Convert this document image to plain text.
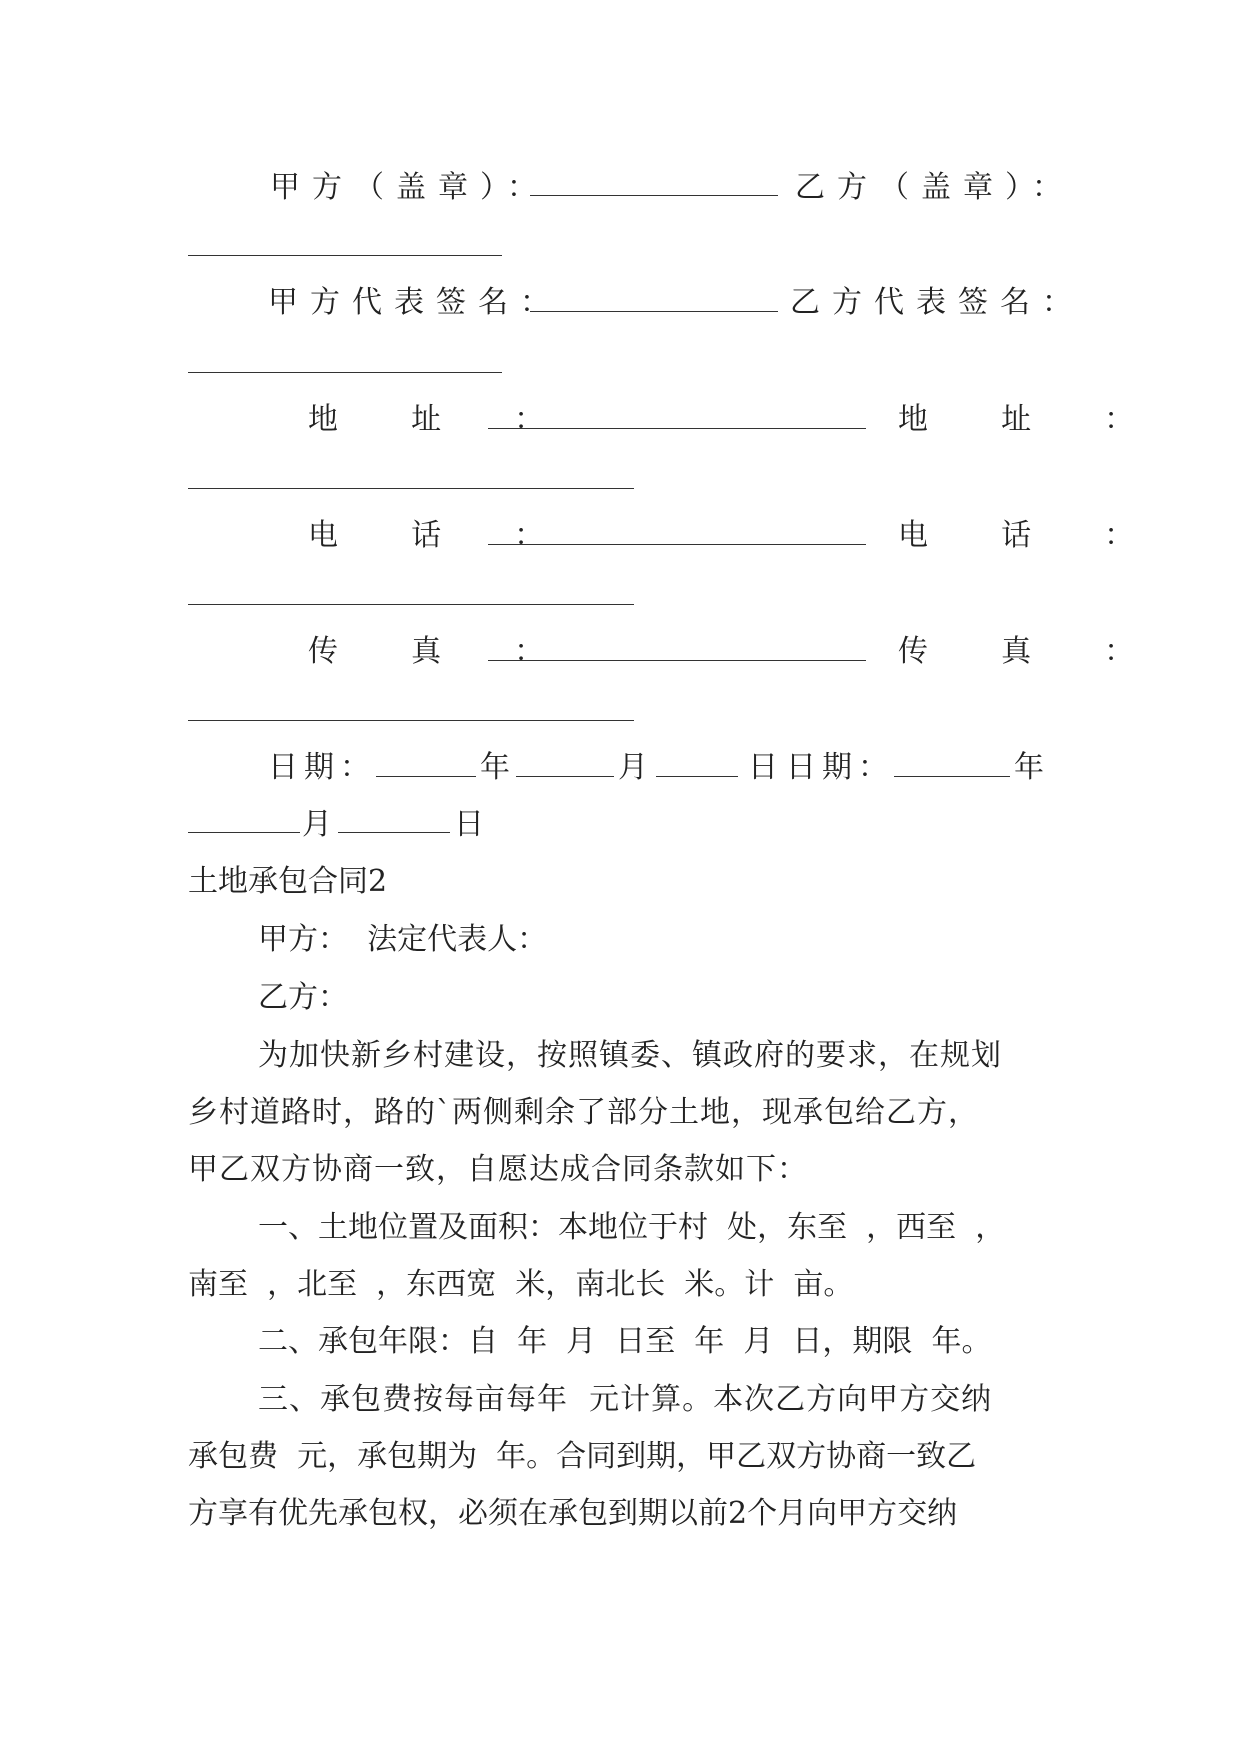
甲方（盖章）：	乙方（盖章）：
甲方代表签名：	乙方代表签名：
地  址  ：	地  址  ：
电  话  ：	电  话  ：
传  真  ：	传  真  ：
日期：	年	月	日 日期：	年
月	日
土地承包合同2
甲方：  法定代表人：
乙方：
为加快新乡村建设，按照镇委、镇政府的要求，在规划
乡村道路时，路的`两侧剩余了部分土地，现承包给乙方，
甲乙双方协商一致，自愿达成合同条款如下：
一、土地位置及面积：本地位于村  处，东至  ，西至  ，
南至  ，北至  ，东西宽  米，南北长  米。计  亩。
二、承包年限：自  年  月  日至  年  月  日，期限  年。
三、承包费按每亩每年  元计算。本次乙方向甲方交纳
承包费  元，承包期为  年。合同到期，甲乙双方协商一致乙
方享有优先承包权，必须在承包到期以前2个月向甲方交纳
